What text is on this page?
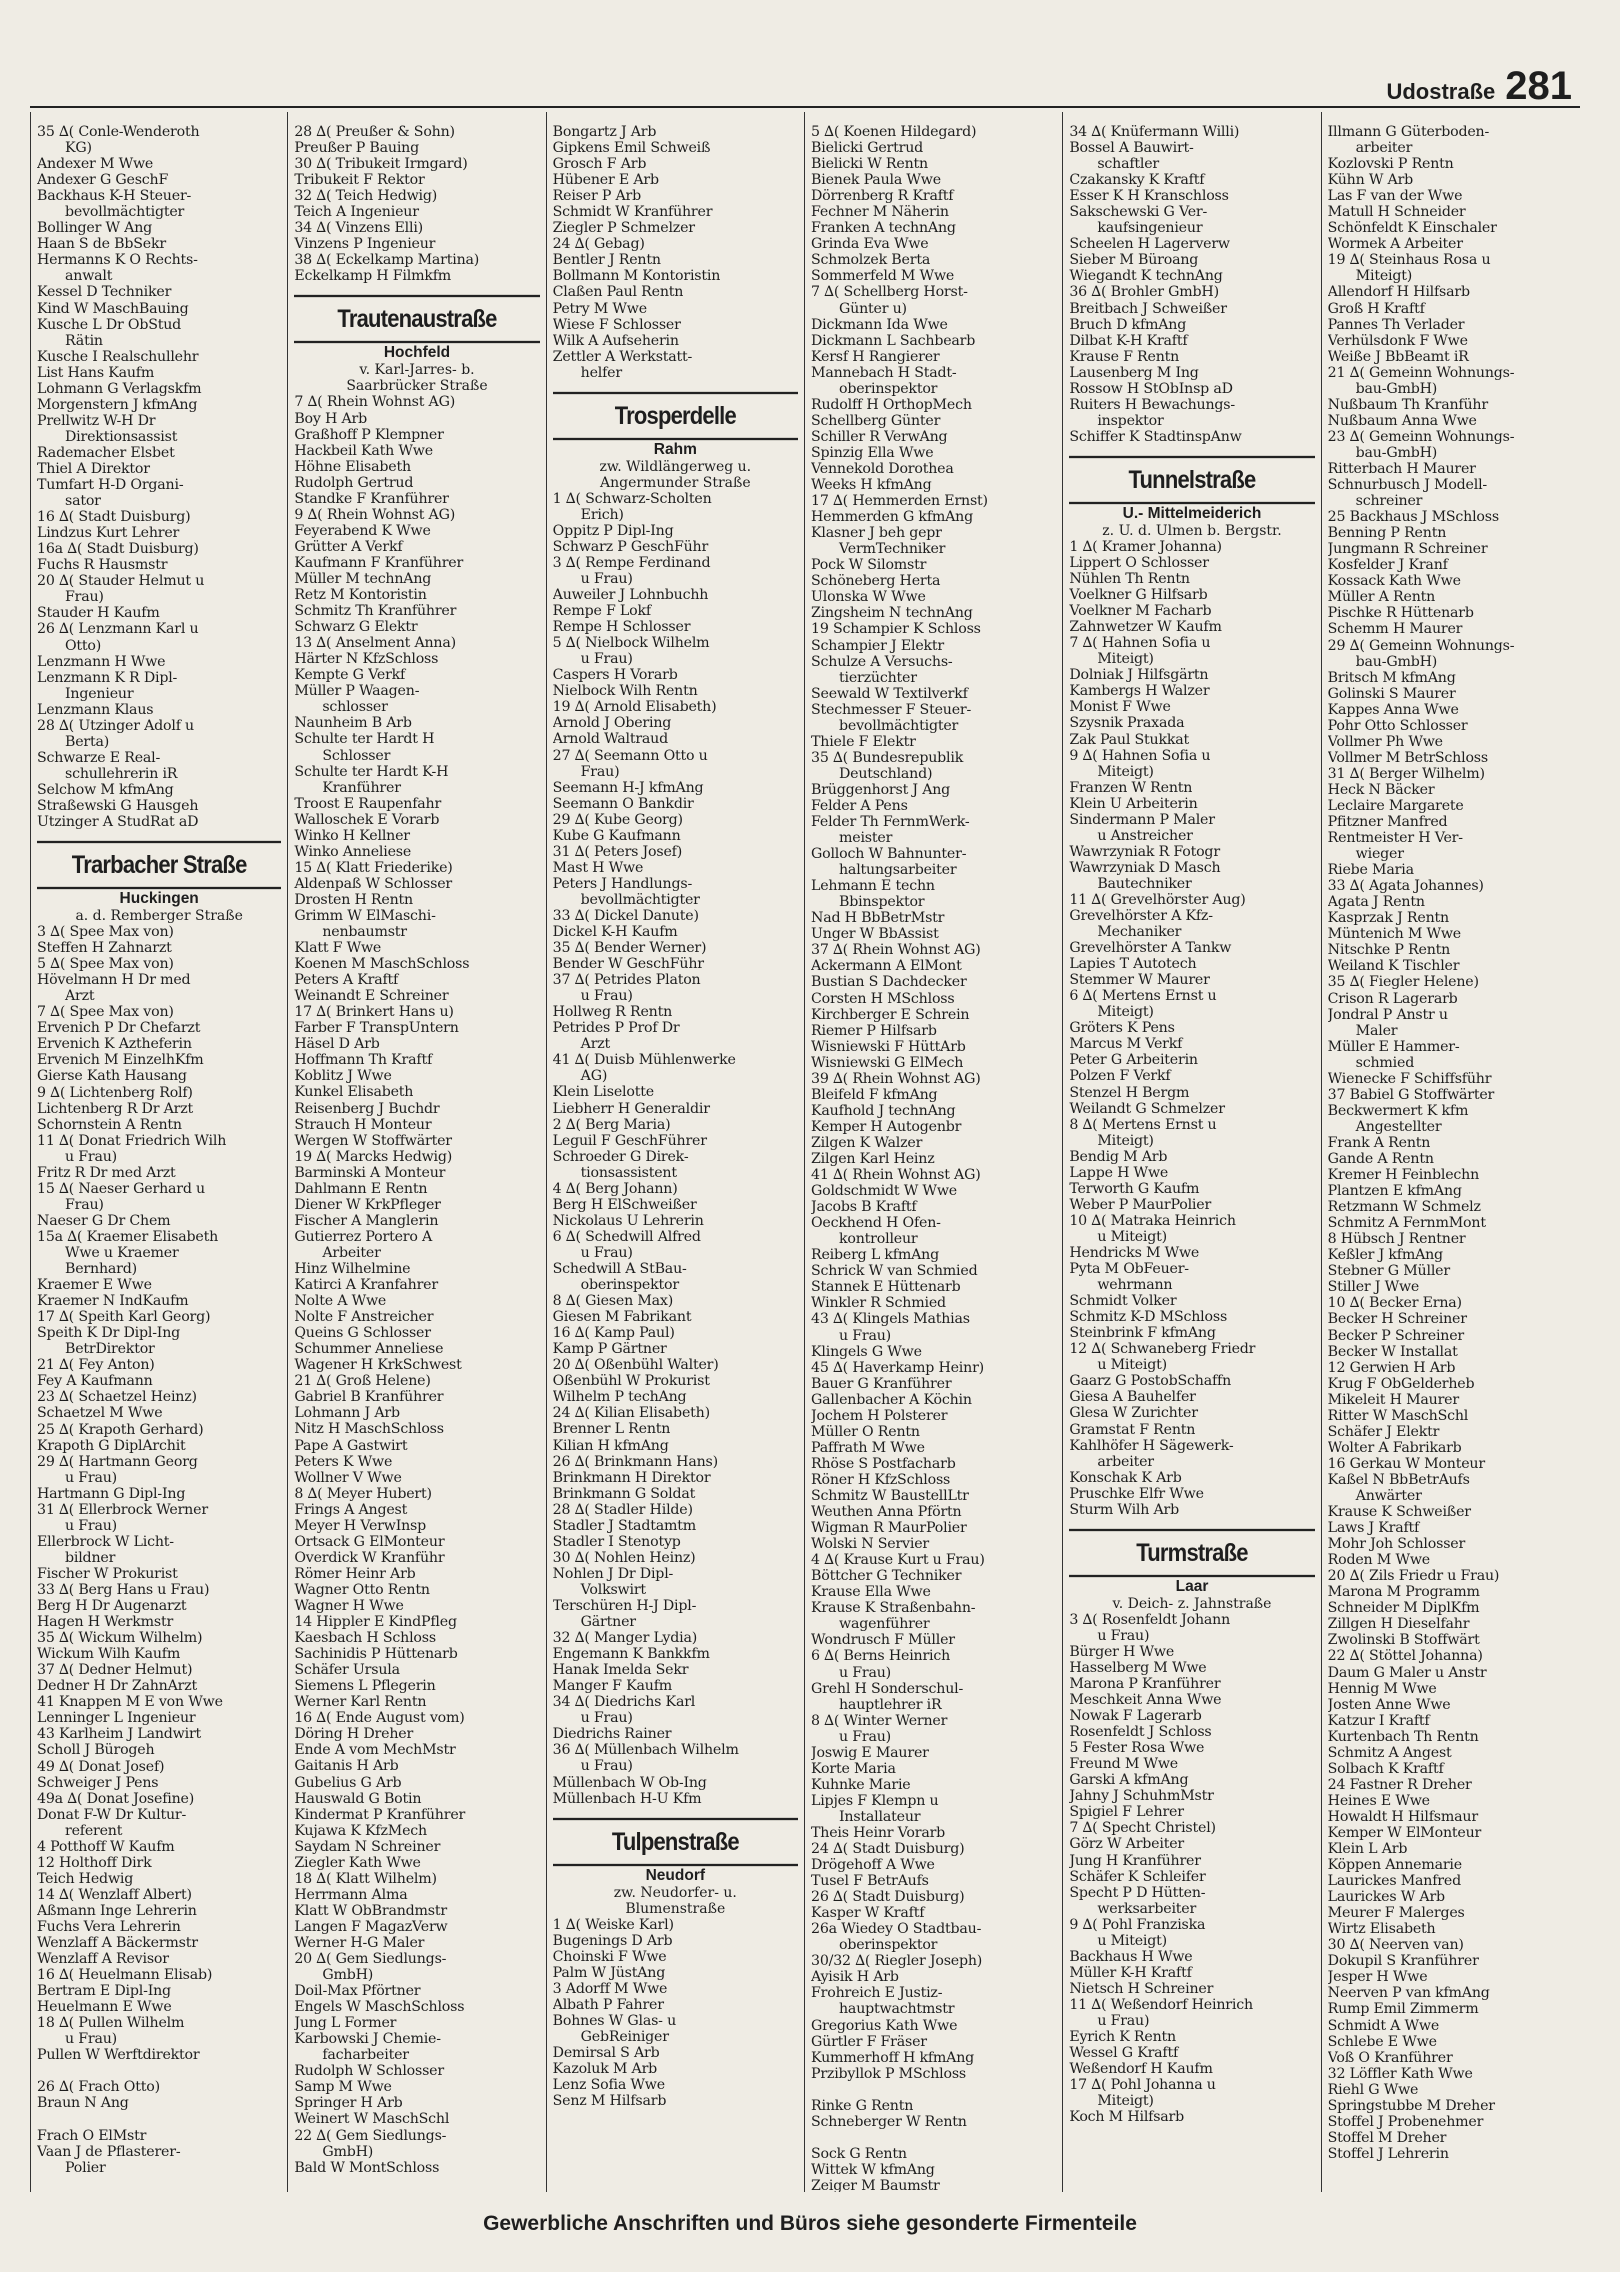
Udostraße 281
35 ∆( Conle-Wenderoth
KG)
Andexer M Wwe
Andexer G GeschF
Backhaus K-H Steuer-
bevollmächtigter
Bollinger W Ang
Haan S de BbSekr
Hermanns K O Rechts-
anwalt
Kessel D Techniker
Kind W MaschBauing
Kusche L Dr ObStud
Rätin
Kusche I Realschullehr
List Hans Kaufm
Lohmann G Verlagskfm
Morgenstern J kfmAng
Prellwitz W-H Dr
Direktionsassist
Rademacher Elsbet
Thiel A Direktor
Tumfart H-D Organi-
sator
16 ∆( Stadt Duisburg)
Lindzus Kurt Lehrer
16a ∆( Stadt Duisburg)
Fuchs R Hausmstr
20 ∆( Stauder Helmut u
Frau)
Stauder H Kaufm
26 ∆( Lenzmann Karl u
Otto)
Lenzmann H Wwe
Lenzmann K R Dipl-
Ingenieur
Lenzmann Klaus
28 ∆( Utzinger Adolf u
Berta)
Schwarze E Real-
schullehrerin iR
Selchow M kfmAng
Straßewski G Hausgeh
Utzinger A StudRat aD
Trarbacher Straße
Huckingen
a. d. Remberger Straße
3 ∆( Spee Max von)
Steffen H Zahnarzt
5 ∆( Spee Max von)
Hövelmann H Dr med
Arzt
7 ∆( Spee Max von)
Ervenich P Dr Chefarzt
Ervenich K Aztheferin
Ervenich M EinzelhKfm
Gierse Kath Hausang
9 ∆( Lichtenberg Rolf)
Lichtenberg R Dr Arzt
Schornstein A Rentn
11 ∆( Donat Friedrich Wilh
u Frau)
Fritz R Dr med Arzt
15 ∆( Naeser Gerhard u
Frau)
Naeser G Dr Chem
15a ∆( Kraemer Elisabeth
Wwe u Kraemer
Bernhard)
Kraemer E Wwe
Kraemer N IndKaufm
17 ∆( Speith Karl Georg)
Speith K Dr Dipl-Ing
BetrDirektor
21 ∆( Fey Anton)
Fey A Kaufmann
23 ∆( Schaetzel Heinz)
Schaetzel M Wwe
25 ∆( Krapoth Gerhard)
Krapoth G DiplArchit
29 ∆( Hartmann Georg
u Frau)
Hartmann G Dipl-Ing
31 ∆( Ellerbrock Werner
u Frau)
Ellerbrock W Licht-
bildner
Fischer W Prokurist
33 ∆( Berg Hans u Frau)
Berg H Dr Augenarzt
Hagen H Werkmstr
35 ∆( Wickum Wilhelm)
Wickum Wilh Kaufm
37 ∆( Dedner Helmut)
Dedner H Dr ZahnArzt
41 Knappen M E von Wwe
Lenninger L Ingenieur
43 Karlheim J Landwirt
Scholl J Bürogeh
49 ∆( Donat Josef)
Schweiger J Pens
49a ∆( Donat Josefine)
Donat F-W Dr Kultur-
referent
4 Potthoff W Kaufm
12 Holthoff Dirk
Teich Hedwig
14 ∆( Wenzlaff Albert)
Aßmann Inge Lehrerin
Fuchs Vera Lehrerin
Wenzlaff A Bäckermstr
Wenzlaff A Revisor
16 ∆( Heuelmann Elisab)
Bertram E Dipl-Ing
Heuelmann E Wwe
18 ∆( Pullen Wilhelm
u Frau)
Pullen W Werftdirektor

26 ∆( Frach Otto)
Braun N Ang

Frach O ElMstr
Vaan J de Pflasterer-
Polier
28 ∆( Preußer & Sohn)
Preußer P Bauing
30 ∆( Tribukeit Irmgard)
Tribukeit F Rektor
32 ∆( Teich Hedwig)
Teich A Ingenieur
34 ∆( Vinzens Elli)
Vinzens P Ingenieur
38 ∆( Eckelkamp Martina)
Eckelkamp H Filmkfm
Trautenaustraße
Hochfeld
v. Karl-Jarres- b.
Saarbrücker Straße
7 ∆( Rhein Wohnst AG)
Boy H Arb
Graßhoff P Klempner
Hackbeil Kath Wwe
Höhne Elisabeth
Rudolph Gertrud
Standke F Kranführer
9 ∆( Rhein Wohnst AG)
Feyerabend K Wwe
Grütter A Verkf
Kaufmann F Kranführer
Müller M technAng
Retz M Kontoristin
Schmitz Th Kranführer
Schwarz G Elektr
13 ∆( Anselment Anna)
Härter N KfzSchloss
Kempte G Verkf
Müller P Waagen-
schlosser
Naunheim B Arb
Schulte ter Hardt H
Schlosser
Schulte ter Hardt K-H
Kranführer
Troost E Raupenfahr
Walloschek E Vorarb
Winko H Kellner
Winko Anneliese
15 ∆( Klatt Friederike)
Aldenpaß W Schlosser
Drosten H Rentn
Grimm W ElMaschi-
nenbaumstr
Klatt F Wwe
Koenen M MaschSchloss
Peters A Kraftf
Weinandt E Schreiner
17 ∆( Brinkert Hans u)
Farber F TranspUntern
Häsel D Arb
Hoffmann Th Kraftf
Koblitz J Wwe
Kunkel Elisabeth
Reisenberg J Buchdr
Strauch H Monteur
Wergen W Stoffwärter
19 ∆( Marcks Hedwig)
Barminski A Monteur
Dahlmann E Rentn
Diener W KrkPfleger
Fischer A Manglerin
Gutierrez Portero A
Arbeiter
Hinz Wilhelmine
Katirci A Kranfahrer
Nolte A Wwe
Nolte F Anstreicher
Queins G Schlosser
Schummer Anneliese
Wagener H KrkSchwest
21 ∆( Groß Helene)
Gabriel B Kranführer
Lohmann J Arb
Nitz H MaschSchloss
Pape A Gastwirt
Peters K Wwe
Wollner V Wwe
8 ∆( Meyer Hubert)
Frings A Angest
Meyer H VerwInsp
Ortsack G ElMonteur
Overdick W Kranführ
Römer Heinr Arb
Wagner Otto Rentn
Wagner H Wwe
14 Hippler E KindPfleg
Kaesbach H Schloss
Sachinidis P Hüttenarb
Schäfer Ursula
Siemens L Pflegerin
Werner Karl Rentn
16 ∆( Ende August vom)
Döring H Dreher
Ende A vom MechMstr
Gaitanis H Arb
Gubelius G Arb
Hauswald G Botin
Kindermat P Kranführer
Kujawa K KfzMech
Saydam N Schreiner
Ziegler Kath Wwe
18 ∆( Klatt Wilhelm)
Herrmann Alma
Klatt W ObBrandmstr
Langen F MagazVerw
Werner H-G Maler
20 ∆( Gem Siedlungs-
GmbH)
Doil-Max Pförtner
Engels W MaschSchloss
Jung L Former
Karbowski J Chemie-
facharbeiter
Rudolph W Schlosser
Samp M Wwe
Springer H Arb
Weinert W MaschSchl
22 ∆( Gem Siedlungs-
GmbH)
Bald W MontSchloss
Bongartz J Arb
Gipkens Emil Schweiß
Grosch F Arb
Hübener E Arb
Reiser P Arb
Schmidt W Kranführer
Ziegler P Schmelzer
24 ∆( Gebag)
Bentler J Rentn
Bollmann M Kontoristin
Claßen Paul Rentn
Petry M Wwe
Wiese F Schlosser
Wilk A Aufseherin
Zettler A Werkstatt-
helfer
Trosperdelle
Rahm
zw. Wildlängerweg u.
Angermunder Straße
1 ∆( Schwarz-Scholten
Erich)
Oppitz P Dipl-Ing
Schwarz P GeschFühr
3 ∆( Rempe Ferdinand
u Frau)
Auweiler J Lohnbuchh
Rempe F Lokf
Rempe H Schlosser
5 ∆( Nielbock Wilhelm
u Frau)
Caspers H Vorarb
Nielbock Wilh Rentn
19 ∆( Arnold Elisabeth)
Arnold J Obering
Arnold Waltraud
27 ∆( Seemann Otto u
Frau)
Seemann H-J kfmAng
Seemann O Bankdir
29 ∆( Kube Georg)
Kube G Kaufmann
31 ∆( Peters Josef)
Mast H Wwe
Peters J Handlungs-
bevollmächtigter
33 ∆( Dickel Danute)
Dickel K-H Kaufm
35 ∆( Bender Werner)
Bender W GeschFühr
37 ∆( Petrides Platon
u Frau)
Hollweg R Rentn
Petrides P Prof Dr
Arzt
41 ∆( Duisb Mühlenwerke
AG)
Klein Liselotte
Liebherr H Generaldir
2 ∆( Berg Maria)
Leguil F GeschFührer
Schroeder G Direk-
tionsassistent
4 ∆( Berg Johann)
Berg H ElSchweißer
Nickolaus U Lehrerin
6 ∆( Schedwill Alfred
u Frau)
Schedwill A StBau-
oberinspektor
8 ∆( Giesen Max)
Giesen M Fabrikant
16 ∆( Kamp Paul)
Kamp P Gärtner
20 ∆( Oßenbühl Walter)
Oßenbühl W Prokurist
Wilhelm P techAng
24 ∆( Kilian Elisabeth)
Brenner L Rentn
Kilian H kfmAng
26 ∆( Brinkmann Hans)
Brinkmann H Direktor
Brinkmann G Soldat
28 ∆( Stadler Hilde)
Stadler J Stadtamtm
Stadler I Stenotyp
30 ∆( Nohlen Heinz)
Nohlen J Dr Dipl-
Volkswirt
Terschüren H-J Dipl-
Gärtner
32 ∆( Manger Lydia)
Engemann K Bankkfm
Hanak Imelda Sekr
Manger F Kaufm
34 ∆( Diedrichs Karl
u Frau)
Diedrichs Rainer
36 ∆( Müllenbach Wilhelm
u Frau)
Müllenbach W Ob-Ing
Müllenbach H-U Kfm
Tulpenstraße
Neudorf
zw. Neudorfer- u.
Blumenstraße
1 ∆( Weiske Karl)
Bugenings D Arb
Choinski F Wwe
Palm W JüstAng
3 Adorff M Wwe
Albath P Fahrer
Bohnes W Glas- u
GebReiniger
Demirsal S Arb
Kazoluk M Arb
Lenz Sofia Wwe
Senz M Hilfsarb
5 ∆( Koenen Hildegard)
Bielicki Gertrud
Bielicki W Rentn
Bienek Paula Wwe
Dörrenberg R Kraftf
Fechner M Näherin
Franken A technAng
Grinda Eva Wwe
Schmolzek Berta
Sommerfeld M Wwe
7 ∆( Schellberg Horst-
Günter u)
Dickmann Ida Wwe
Dickmann L Sachbearb
Kersf H Rangierer
Mannebach H Stadt-
oberinspektor
Rudolff H OrthopMech
Schellberg Günter
Schiller R VerwAng
Spinzig Ella Wwe
Vennekold Dorothea
Weeks H kfmAng
17 ∆( Hemmerden Ernst)
Hemmerden G kfmAng
Klasner J beh gepr
VermTechniker
Pock W Silomstr
Schöneberg Herta
Ulonska W Wwe
Zingsheim N technAng
19 Schampier K Schloss
Schampier J Elektr
Schulze A Versuchs-
tierzüchter
Seewald W Textilverkf
Stechmesser F Steuer-
bevollmächtigter
Thiele F Elektr
35 ∆( Bundesrepublik
Deutschland)
Brüggenhorst J Ang
Felder A Pens
Felder Th FernmWerk-
meister
Golloch W Bahnunter-
haltungsarbeiter
Lehmann E techn
Bbinspektor
Nad H BbBetrMstr
Unger W BbAssist
37 ∆( Rhein Wohnst AG)
Ackermann A ElMont
Bustian S Dachdecker
Corsten H MSchloss
Kirchberger E Schrein
Riemer P Hilfsarb
Wisniewski F HüttArb
Wisniewski G ElMech
39 ∆( Rhein Wohnst AG)
Bleifeld F kfmAng
Kaufhold J technAng
Kemper H Autogenbr
Zilgen K Walzer
Zilgen Karl Heinz
41 ∆( Rhein Wohnst AG)
Goldschmidt W Wwe
Jacobs B Kraftf
Oeckhend H Ofen-
kontrolleur
Reiberg L kfmAng
Schrick W van Schmied
Stannek E Hüttenarb
Winkler R Schmied
43 ∆( Klingels Mathias
u Frau)
Klingels G Wwe
45 ∆( Haverkamp Heinr)
Bauer G Kranführer
Gallenbacher A Köchin
Jochem H Polsterer
Müller O Rentn
Paffrath M Wwe
Rhöse S Postfacharb
Röner H KfzSchloss
Schmitz W BaustellLtr
Weuthen Anna Pförtn
Wigman R MaurPolier
Wolski N Servier
4 ∆( Krause Kurt u Frau)
Böttcher G Techniker
Krause Ella Wwe
Krause K Straßenbahn-
wagenführer
Wondrusch F Müller
6 ∆( Berns Heinrich
u Frau)
Grehl H Sonderschul-
hauptlehrer iR
8 ∆( Winter Werner
u Frau)
Joswig E Maurer
Korte Maria
Kuhnke Marie
Lipjes F Klempn u
Installateur
Theis Heinr Vorarb
24 ∆( Stadt Duisburg)
Drögehoff A Wwe
Tusel F BetrAufs
26 ∆( Stadt Duisburg)
Kasper W Kraftf
26a Wiedey O Stadtbau-
oberinspektor
30/32 ∆( Riegler Joseph)
Ayisik H Arb
Frohreich E Justiz-
hauptwachtmstr
Gregorius Kath Wwe
Gürtler F Fräser
Kummerhoff H kfmAng
Przibyllok P MSchloss

Rinke G Rentn
Schneberger W Rentn

Sock G Rentn
Wittek W kfmAng
Zeiger M Baumstr
34 ∆( Knüfermann Willi)
Bossel A Bauwirt-
schaftler
Czakansky K Kraftf
Esser K H Kranschloss
Sakschewski G Ver-
kaufsingenieur
Scheelen H Lagerverw
Sieber M Büroang
Wiegandt K technAng
36 ∆( Brohler GmbH)
Breitbach J Schweißer
Bruch D kfmAng
Dilbat K-H Kraftf
Krause F Rentn
Lausenberg M Ing
Rossow H StObInsp aD
Ruiters H Bewachungs-
inspektor
Schiffer K StadtinspAnw
Tunnelstraße
U.- Mittelmeiderich
z. U. d. Ulmen b. Bergstr.
1 ∆( Kramer Johanna)
Lippert O Schlosser
Nühlen Th Rentn
Voelkner G Hilfsarb
Voelkner M Facharb
Zahnwetzer W Kaufm
7 ∆( Hahnen Sofia u
Miteigt)
Dolniak J Hilfsgärtn
Kambergs H Walzer
Monist F Wwe
Szysnik Praxada
Zak Paul Stukkat
9 ∆( Hahnen Sofia u
Miteigt)
Franzen W Rentn
Klein U Arbeiterin
Sindermann P Maler
u Anstreicher
Wawrzyniak R Fotogr
Wawrzyniak D Masch
Bautechniker
11 ∆( Grevelhörster Aug)
Grevelhörster A Kfz-
Mechaniker
Grevelhörster A Tankw
Lapies T Autotech
Stemmer W Maurer
6 ∆( Mertens Ernst u
Miteigt)
Gröters K Pens
Marcus M Verkf
Peter G Arbeiterin
Polzen F Verkf
Stenzel H Bergm
Weilandt G Schmelzer
8 ∆( Mertens Ernst u
Miteigt)
Bendig M Arb
Lappe H Wwe
Terworth G Kaufm
Weber P MaurPolier
10 ∆( Matraka Heinrich
u Miteigt)
Hendricks M Wwe
Pyta M ObFeuer-
wehrmann
Schmidt Volker
Schmitz K-D MSchloss
Steinbrink F kfmAng
12 ∆( Schwaneberg Friedr
u Miteigt)
Gaarz G PostobSchaffn
Giesa A Bauhelfer
Glesa W Zurichter
Gramstat F Rentn
Kahlhöfer H Sägewerk-
arbeiter
Konschak K Arb
Pruschke Elfr Wwe
Sturm Wilh Arb
Turmstraße
Laar
v. Deich- z. Jahnstraße
3 ∆( Rosenfeldt Johann
u Frau)
Bürger H Wwe
Hasselberg M Wwe
Marona P Kranführer
Meschkeit Anna Wwe
Nowak F Lagerarb
Rosenfeldt J Schloss
5 Fester Rosa Wwe
Freund M Wwe
Garski A kfmAng
Jahny J SchuhmMstr
Spigiel F Lehrer
7 ∆( Specht Christel)
Görz W Arbeiter
Jung H Kranführer
Schäfer K Schleifer
Specht P D Hütten-
werksarbeiter
9 ∆( Pohl Franziska
u Miteigt)
Backhaus H Wwe
Müller K-H Kraftf
Nietsch H Schreiner
11 ∆( Weßendorf Heinrich
u Frau)
Eyrich K Rentn
Wessel G Kraftf
Weßendorf H Kaufm
17 ∆( Pohl Johanna u
Miteigt)
Koch M Hilfsarb
Illmann G Güterboden-
arbeiter
Kozlovski P Rentn
Kühn W Arb
Las F van der Wwe
Matull H Schneider
Schönfeldt K Einschaler
Wormek A Arbeiter
19 ∆( Steinhaus Rosa u
Miteigt)
Allendorf H Hilfsarb
Groß H Kraftf
Pannes Th Verlader
Verhülsdonk F Wwe
Weiße J BbBeamt iR
21 ∆( Gemeinn Wohnungs-
bau-GmbH)
Nußbaum Th Kranführ
Nußbaum Anna Wwe
23 ∆( Gemeinn Wohnungs-
bau-GmbH)
Ritterbach H Maurer
Schnurbusch J Modell-
schreiner
25 Backhaus J MSchloss
Benning P Rentn
Jungmann R Schreiner
Kosfelder J Kranf
Kossack Kath Wwe
Müller A Rentn
Pischke R Hüttenarb
Schemm H Maurer
29 ∆( Gemeinn Wohnungs-
bau-GmbH)
Britsch M kfmAng
Golinski S Maurer
Kappes Anna Wwe
Pohr Otto Schlosser
Vollmer Ph Wwe
Vollmer M BetrSchloss
31 ∆( Berger Wilhelm)
Heck N Bäcker
Leclaire Margarete
Pfitzner Manfred
Rentmeister H Ver-
wieger
Riebe Maria
33 ∆( Agata Johannes)
Agata J Rentn
Kasprzak J Rentn
Müntenich M Wwe
Nitschke P Rentn
Weiland K Tischler
35 ∆( Fiegler Helene)
Crison R Lagerarb
Jondral P Anstr u
Maler
Müller E Hammer-
schmied
Wienecke F Schiffsführ
37 Babiel G Stoffwärter
Beckwermert K kfm
Angestellter
Frank A Rentn
Gande A Rentn
Kremer H Feinblechn
Plantzen E kfmAng
Retzmann W Schmelz
Schmitz A FernmMont
8 Hübsch J Rentner
Keßler J kfmAng
Stebner G Müller
Stiller J Wwe
10 ∆( Becker Erna)
Becker H Schreiner
Becker P Schreiner
Becker W Installat
12 Gerwien H Arb
Krug F ObGelderheb
Mikeleit H Maurer
Ritter W MaschSchl
Schäfer J Elektr
Wolter A Fabrikarb
16 Gerkau W Monteur
Kaßel N BbBetrAufs
Anwärter
Krause K Schweißer
Laws J Kraftf
Mohr Joh Schlosser
Roden M Wwe
20 ∆( Zils Friedr u Frau)
Marona M Programm
Schneider M DiplKfm
Zillgen H Dieselfahr
Zwolinski B Stoffwärt
22 ∆( Stöttel Johanna)
Daum G Maler u Anstr
Hennig M Wwe
Josten Anne Wwe
Katzur I Kraftf
Kurtenbach Th Rentn
Schmitz A Angest
Solbach K Kraftf
24 Fastner R Dreher
Heines E Wwe
Howaldt H Hilfsmaur
Kemper W ElMonteur
Klein L Arb
Köppen Annemarie
Laurickes Manfred
Laurickes W Arb
Meurer F Malerges
Wirtz Elisabeth
30 ∆( Neerven van)
Dokupil S Kranführer
Jesper H Wwe
Neerven P van kfmAng
Rump Emil Zimmerm
Schmidt A Wwe
Schlebe E Wwe
Voß O Kranführer
32 Löffler Kath Wwe
Riehl G Wwe
Springstubbe M Dreher
Stoffel J Probenehmer
Stoffel M Dreher
Stoffel J Lehrerin
Gewerbliche Anschriften und Büros siehe gesonderte Firmenteile
